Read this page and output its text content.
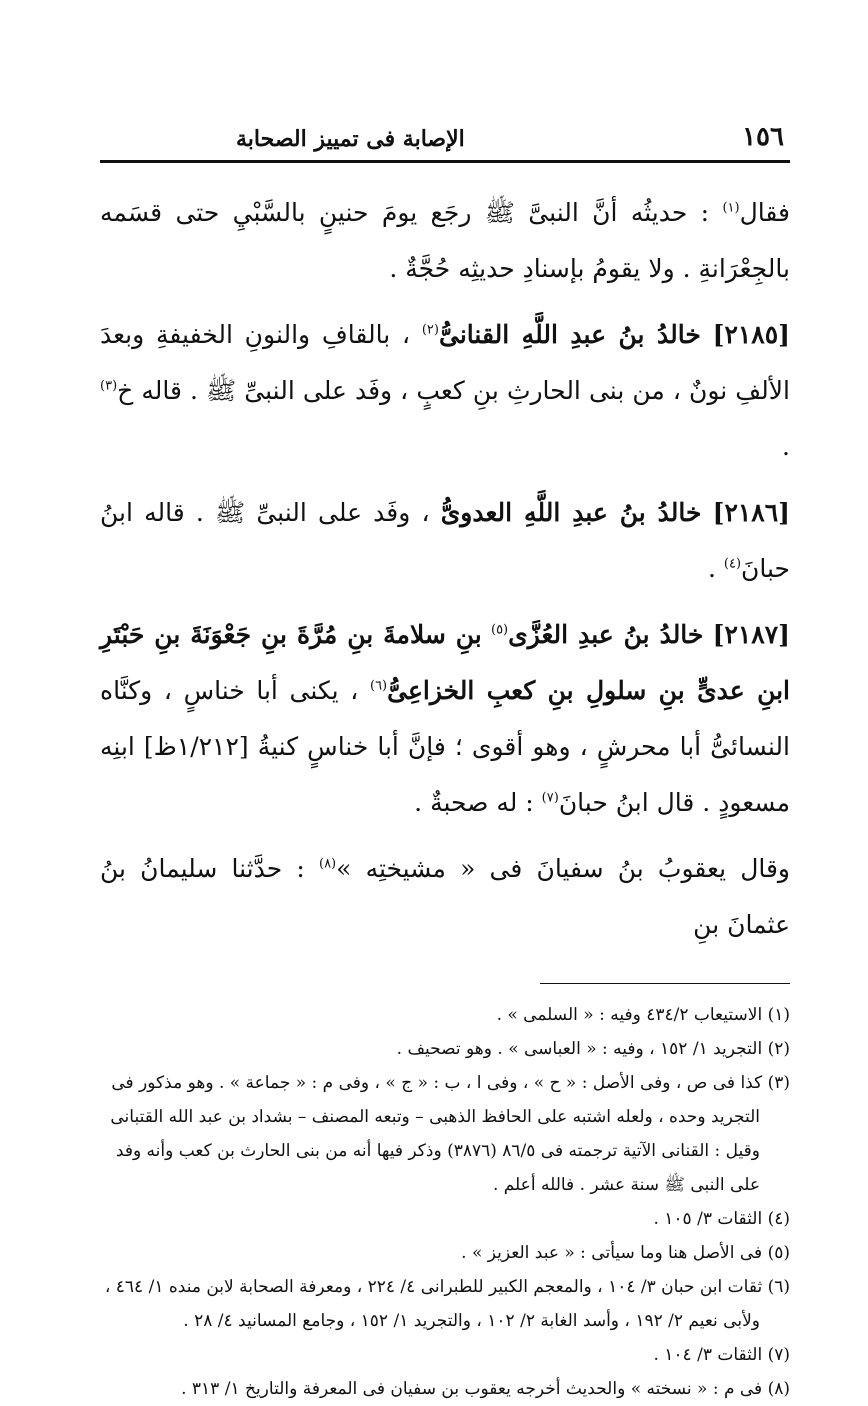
١٥٦
الإصابة فى تمييز الصحابة

فقال$^{(١)}$ : حديثُه أنَّ النبىَّ ﷺ رجَع يومَ حنينٍ بالسَّبْيِ حتى قسَمه بالجِعْرَانةِ . ولا يقومُ بإسنادِ حديثِه حُجَّةٌ .

[٢١٨٥] خالدُ بنُ عبدِ اللَّهِ القنانىُّ$^{(٢)}$ ، بالقافِ والنونِ الخفيفةِ وبعدَ الألفِ نونٌ ، من بنى الحارثِ بنِ كعبٍ ، وفَد على النبىِّ ﷺ . قاله خ$^{(٣)}$ .

[٢١٨٦] خالدُ بنُ عبدِ اللَّهِ العدوىُّ ، وفَد على النبىِّ ﷺ . قاله ابنُ حبانَ$^{(٤)}$ .

[٢١٨٧] خالدُ بنُ عبدِ العُزَّى$^{(٥)}$ بنِ سلامةَ بنِ مُرَّةَ بنِ جَعْوَنَةَ بنِ حَبْتَرِ ابنِ عدىٍّ بنِ سلولِ بنِ كعبِ الخزاعِىُّ$^{(٦)}$ ، يكنى أبا خناسٍ ، وكنَّاه النسائىُّ أبا محرشٍ ، وهو أقوى ؛ فإنَّ أبا خناسٍ كنيةُ [١/٢١٢ظ] ابنِه مسعودٍ . قال ابنُ حبانَ$^{(٧)}$ : له صحبةٌ .

وقال يعقوبُ بنُ سفيانَ فى « مشيختِه »$^{(٨)}$ : حدَّثنا سليمانُ بنُ عثمانَ بنِ

(١) الاستيعاب ٤٣٤/٢ وفيه : « السلمى » .
(٢) التجريد ١/ ١٥٢ ، وفيه : « العباسى » . وهو تصحيف .
(٣) كذا فى ص ، وفى الأصل : « ح » ، وفى ا ، ب : « ج » ، وفى م : « جماعة » . وهو مذكور فى
التجريد وحده ، ولعله اشتبه على الحافظ الذهبى – وتبعه المصنف – بشداد بن عبد الله القتبانى
وقيل : القنانى الآتية ترجمته فى ٨٦/٥ (٣٨٧٦) وذكر فيها أنه من بنى الحارث بن كعب وأنه وفد
على النبى ﷺ سنة عشر . فالله أعلم .
(٤) الثقات ٣/ ١٠٥ .
(٥) فى الأصل هنا وما سيأتى : « عبد العزيز » .
(٦) ثقات ابن حبان ٣/ ١٠٤ ، والمعجم الكبير للطبرانى ٤/ ٢٢٤ ، ومعرفة الصحابة لابن منده ١/ ٤٦٤ ،
ولأبى نعيم ٢/ ١٩٢ ، وأسد الغابة ٢/ ١٠٢ ، والتجريد ١/ ١٥٢ ، وجامع المسانيد ٤/ ٢٨ .
(٧) الثقات ٣/ ١٠٤ .
(٨) فى م : « نسخته » والحديث أخرجه يعقوب بن سفيان فى المعرفة والتاريخ ١/ ٣١٣ .
